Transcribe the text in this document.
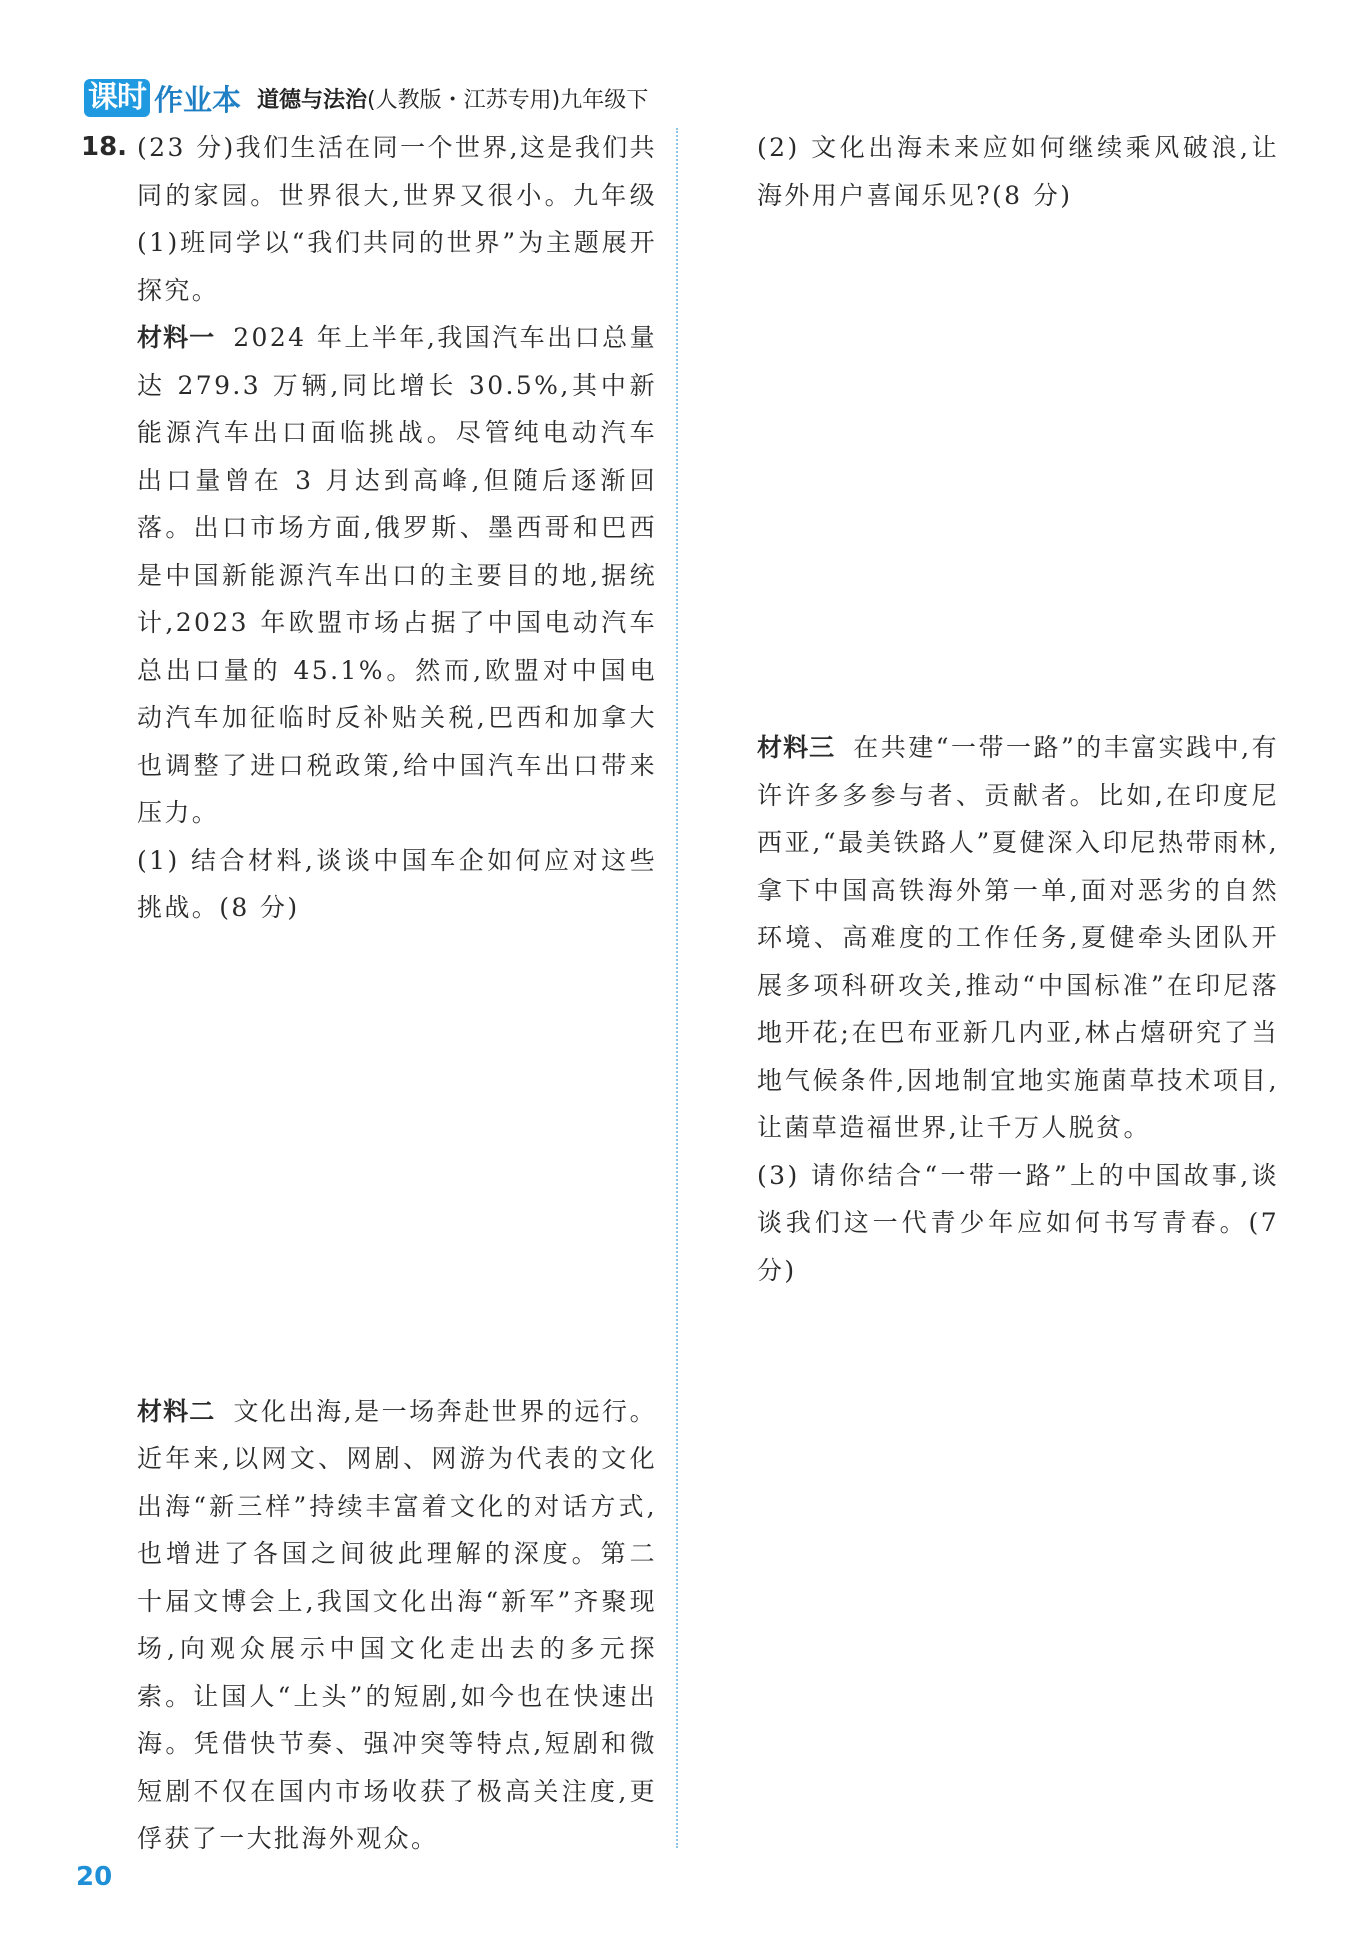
课时 作业本 道德与法治 (人教版・江苏专用)九年级下
18. (23 分)我们生活在同一个世界,这是我们共同的家园。世界很大,世界又很小。九年级(1)班同学以“我们共同的世界”为主题展开探究。

材料一 2024 年上半年,我国汽车出口总量达 279.3 万辆,同比增长 30.5%,其中新能源汽车出口面临挑战。尽管纯电动汽车出口量曾在 3 月达到高峰,但随后逐渐回落。出口市场方面,俄罗斯、墨西哥和巴西是中国新能源汽车出口的主要目的地,据统计,2023 年欧盟市场占据了中国电动汽车总出口量的 45.1%。然而,欧盟对中国电动汽车加征临时反补贴关税,巴西和加拿大也调整了进口税政策,给中国汽车出口带来压力。

(1) 结合材料,谈谈中国车企如何应对这些挑战。(8 分)

材料二 文化出海,是一场奔赴世界的远行。近年来,以网文、网剧、网游为代表的文化出海“新三样”持续丰富着文化的对话方式,也增进了各国之间彼此理解的深度。第二十届文博会上,我国文化出海“新军”齐聚现场,向观众展示中国文化走出去的多元探索。让国人“上头”的短剧,如今也在快速出海。凭借快节奏、强冲突等特点,短剧和微短剧不仅在国内市场收获了极高关注度,更俘获了一大批海外观众。

(2) 文化出海未来应如何继续乘风破浪,让海外用户喜闻乐见?(8 分)

材料三 在共建“一带一路”的丰富实践中,有许许多多参与者、贡献者。比如,在印度尼西亚,“最美铁路人”夏健深入印尼热带雨林,拿下中国高铁海外第一单,面对恶劣的自然环境、高难度的工作任务,夏健牵头团队开展多项科研攻关,推动“中国标准”在印尼落地开花;在巴布亚新几内亚,林占熺研究了当地气候条件,因地制宜地实施菌草技术项目,让菌草造福世界,让千万人脱贫。

(3) 请你结合“一带一路”上的中国故事,谈谈我们这一代青少年应如何书写青春。(7 分)

20
